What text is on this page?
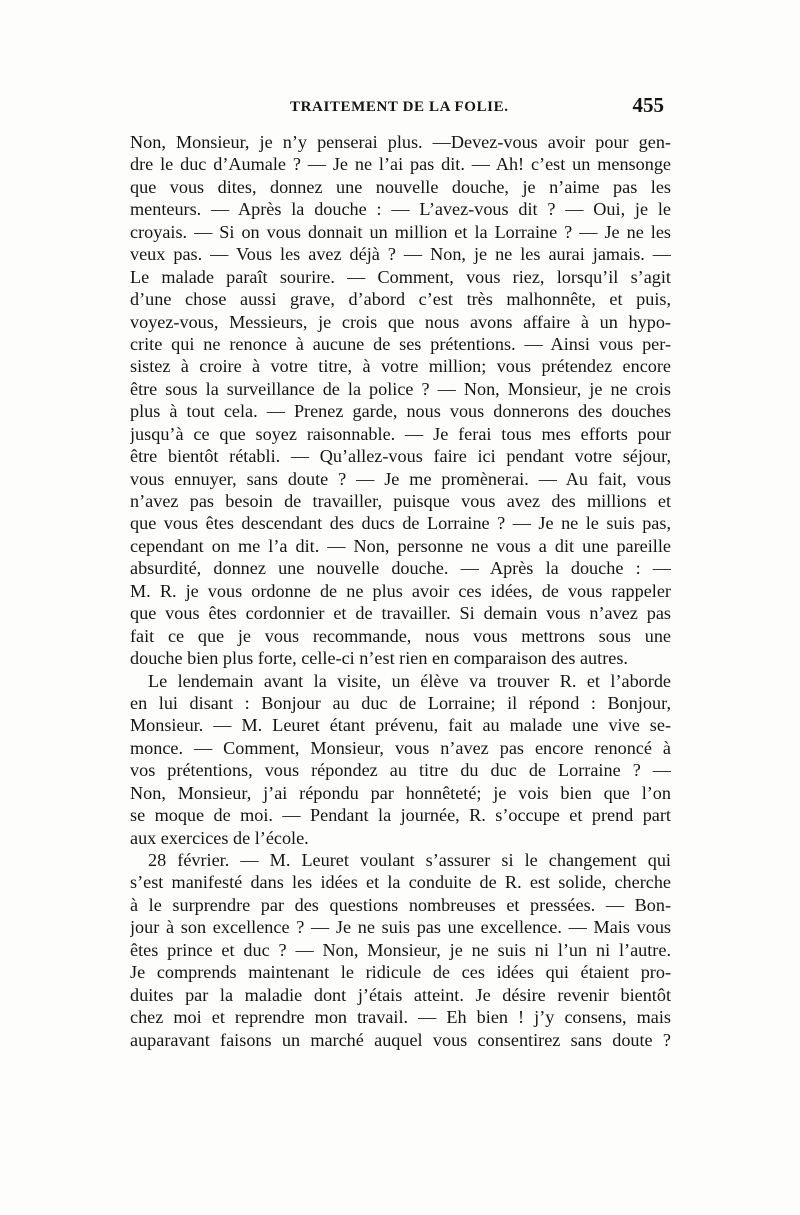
TRAITEMENT DE LA FOLIE.	455
Non, Monsieur, je n’y penserai plus. —Devez-vous avoir pour gen-
dre le duc d’Aumale ? — Je ne l’ai pas dit. — Ah! c’est un mensonge
que vous dites, donnez une nouvelle douche, je n’aime pas les
menteurs. — Après la douche : — L’avez-vous dit ? — Oui, je le
croyais. — Si on vous donnait un million et la Lorraine ? — Je ne les
veux pas. — Vous les avez déjà ? — Non, je ne les aurai jamais. —
Le malade paraît sourire. — Comment, vous riez, lorsqu’il s’agit
d’une chose aussi grave, d’abord c’est très malhonnête, et puis,
voyez-vous, Messieurs, je crois que nous avons affaire à un hypo-
crite qui ne renonce à aucune de ses prétentions. — Ainsi vous per-
sistez à croire à votre titre, à votre million; vous prétendez encore
être sous la surveillance de la police ? — Non, Monsieur, je ne crois
plus à tout cela. — Prenez garde, nous vous donnerons des douches
jusqu’à ce que soyez raisonnable. — Je ferai tous mes efforts pour
être bientôt rétabli. — Qu’allez-vous faire ici pendant votre séjour,
vous ennuyer, sans doute ? — Je me promènerai. — Au fait, vous
n’avez pas besoin de travailler, puisque vous avez des millions et
que vous êtes descendant des ducs de Lorraine ? — Je ne le suis pas,
cependant on me l’a dit. — Non, personne ne vous a dit une pareille
absurdité, donnez une nouvelle douche. — Après la douche : —
M. R. je vous ordonne de ne plus avoir ces idées, de vous rappeler
que vous êtes cordonnier et de travailler. Si demain vous n’avez pas
fait ce que je vous recommande, nous vous mettrons sous une
douche bien plus forte, celle-ci n’est rien en comparaison des autres.
Le lendemain avant la visite, un élève va trouver R. et l’aborde
en lui disant : Bonjour au duc de Lorraine; il répond : Bonjour,
Monsieur. — M. Leuret étant prévenu, fait au malade une vive se-
monce. — Comment, Monsieur, vous n’avez pas encore renoncé à
vos prétentions, vous répondez au titre du duc de Lorraine ? —
Non, Monsieur, j’ai répondu par honnêteté; je vois bien que l’on
se moque de moi. — Pendant la journée, R. s’occupe et prend part
aux exercices de l’école.
28 février. — M. Leuret voulant s’assurer si le changement qui
s’est manifesté dans les idées et la conduite de R. est solide, cherche
à le surprendre par des questions nombreuses et pressées. — Bon-
jour à son excellence ? — Je ne suis pas une excellence. — Mais vous
êtes prince et duc ? — Non, Monsieur, je ne suis ni l’un ni l’autre.
Je comprends maintenant le ridicule de ces idées qui étaient pro-
duites par la maladie dont j’étais atteint. Je désire revenir bientôt
chez moi et reprendre mon travail. — Eh bien ! j’y consens, mais
auparavant faisons un marché auquel vous consentirez sans doute ?
